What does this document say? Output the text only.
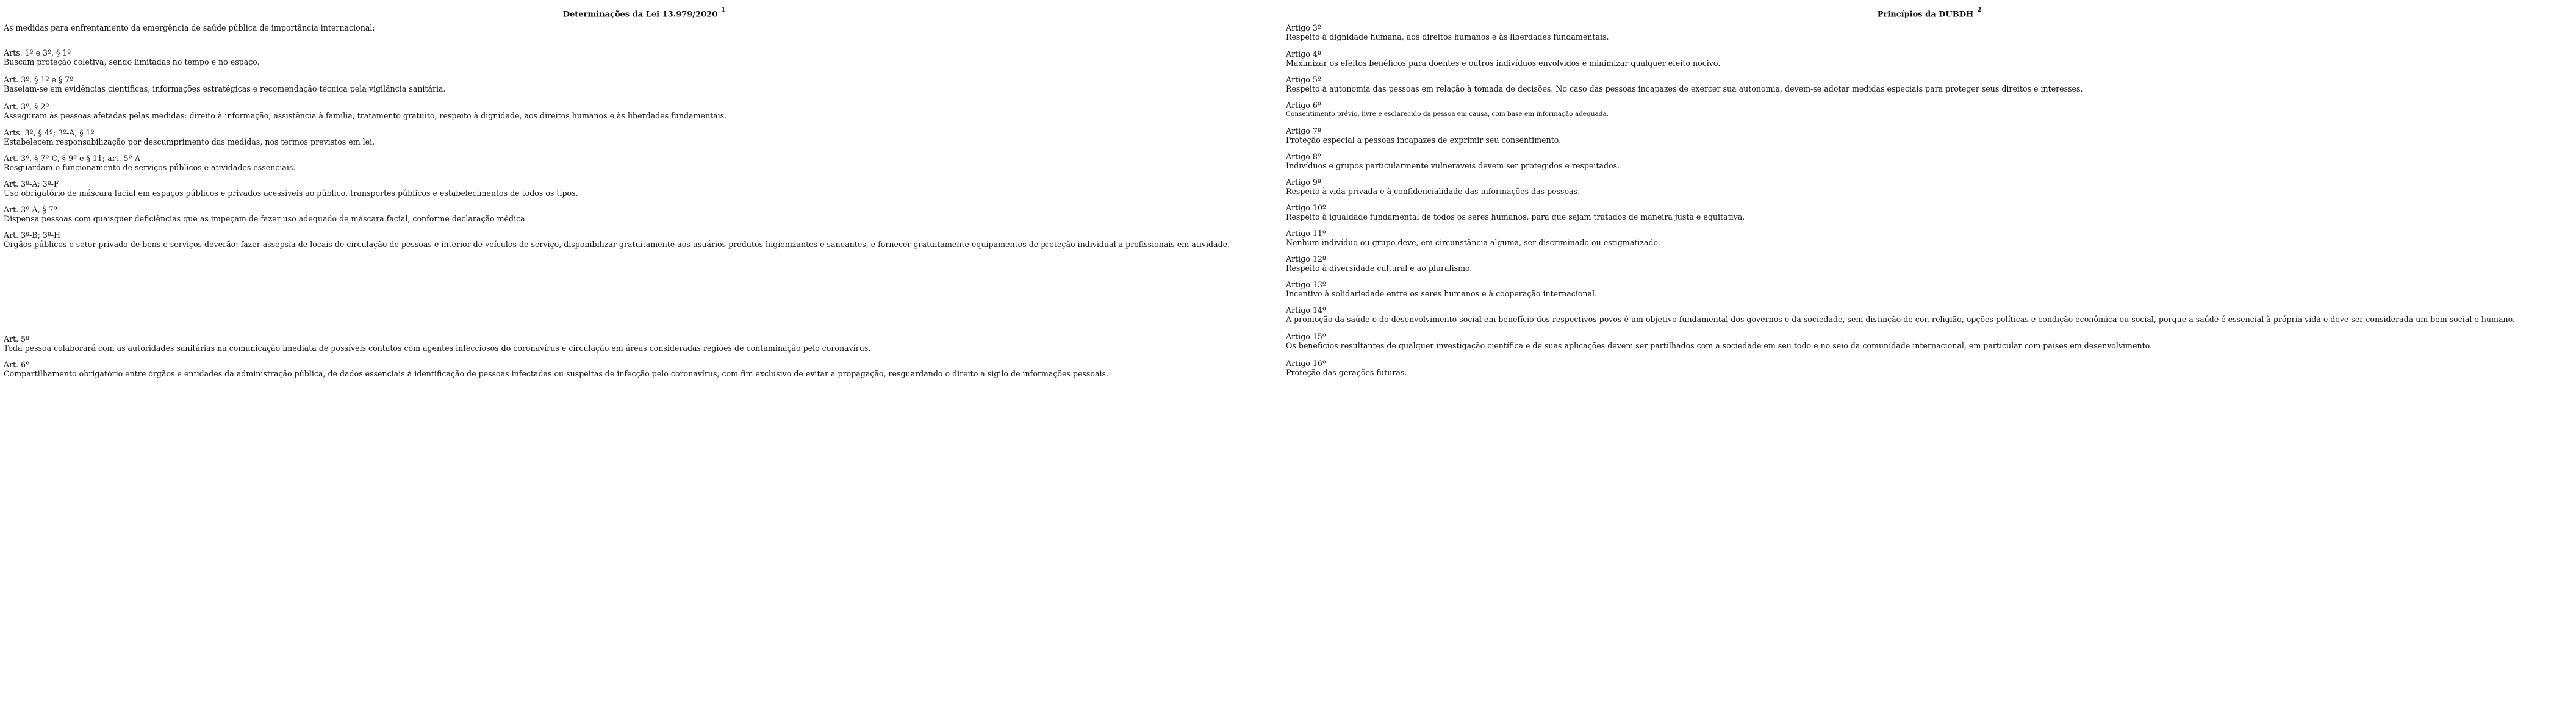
Determinações da Lei 13.979/2020 $^1$
As medidas para enfrentamento da emergência de saúde pública de importância internacional:
Arts. 1º e 3º, § 1º
Buscam proteção coletiva, sendo limitadas no tempo e no espaço.
Art. 3º, § 1º e § 7º
Baseiam-se em evidências científicas, informações estratégicas e recomendação técnica pela vigilância sanitária.
Art. 3º, § 2º
Asseguram às pessoas afetadas pelas medidas: direito à informação, assistência à família, tratamento gratuito, respeito à dignidade, aos direitos humanos e às liberdades fundamentais.
Arts. 3º, § 4º; 3º-A, § 1º
Estabelecem responsabilização por descumprimento das medidas, nos termos previstos em lei.
Art. 3º, § 7º-C, § 9º e § 11; art. 5º-A
Resguardam o funcionamento de serviços públicos e atividades essenciais.
Art. 3º-A; 3º-F
Uso obrigatório de máscara facial em espaços públicos e privados acessíveis ao público, transportes públicos e estabelecimentos de todos os tipos.
Art. 3º-A, § 7º
Dispensa pessoas com quaisquer deficiências que as impeçam de fazer uso adequado de máscara facial, conforme declaração médica.
Art. 3º-B; 3º-H
Órgãos públicos e setor privado de bens e serviços deverão: fazer assepsia de locais de circulação de pessoas e interior de veículos de serviço, disponibilizar gratuitamente aos usuários produtos higienizantes e saneantes, e fornecer gratuitamente equipamentos de proteção individual a profissionais em atividade.
Art. 5º
Toda pessoa colaborará com as autoridades sanitárias na comunicação imediata de possíveis contatos com agentes infecciosos do coronavírus e circulação em áreas consideradas regiões de contaminação pelo coronavírus.
Art. 6º
Compartilhamento obrigatório entre órgãos e entidades da administração pública, de dados essenciais à identificação de pessoas infectadas ou suspeitas de infecção pelo coronavírus, com fim exclusivo de evitar a propagação, resguardando o direito a sigilo de informações pessoais.
Princípios da DUBDH $^2$
Artigo 3º
Respeito à dignidade humana, aos direitos humanos e às liberdades fundamentais.
Artigo 4º
Maximizar os efeitos benéficos para doentes e outros indivíduos envolvidos e minimizar qualquer efeito nocivo.
Artigo 5º
Respeito à autonomia das pessoas em relação à tomada de decisões. No caso das pessoas incapazes de exercer sua autonomia, devem-se adotar medidas especiais para proteger seus direitos e interesses.
Artigo 6º
Consentimento prévio, livre e esclarecido da pessoa em causa, com base em informação adequada.
Artigo 7º
Proteção especial a pessoas incapazes de exprimir seu consentimento.
Artigo 8º
Indivíduos e grupos particularmente vulneráveis devem ser protegidos e respeitados.
Artigo 9º
Respeito à vida privada e à confidencialidade das informações das pessoas.
Artigo 10º
Respeito à igualdade fundamental de todos os seres humanos, para que sejam tratados de maneira justa e equitativa.
Artigo 11º
Nenhum indivíduo ou grupo deve, em circunstância alguma, ser discriminado ou estigmatizado.
Artigo 12º
Respeito à diversidade cultural e ao pluralismo.
Artigo 13º
Incentivo à solidariedade entre os seres humanos e à cooperação internacional.
Artigo 14º
A promoção da saúde e do desenvolvimento social em benefício dos respectivos povos é um objetivo fundamental dos governos e da sociedade, sem distinção de cor, religião, opções políticas e condição econômica ou social, porque a saúde é essencial à própria vida e deve ser considerada um bem social e humano.
Artigo 15º
Os benefícios resultantes de qualquer investigação científica e de suas aplicações devem ser partilhados com a sociedade em seu todo e no seio da comunidade internacional, em particular com países em desenvolvimento.
Artigo 16º
Proteção das gerações futuras.
